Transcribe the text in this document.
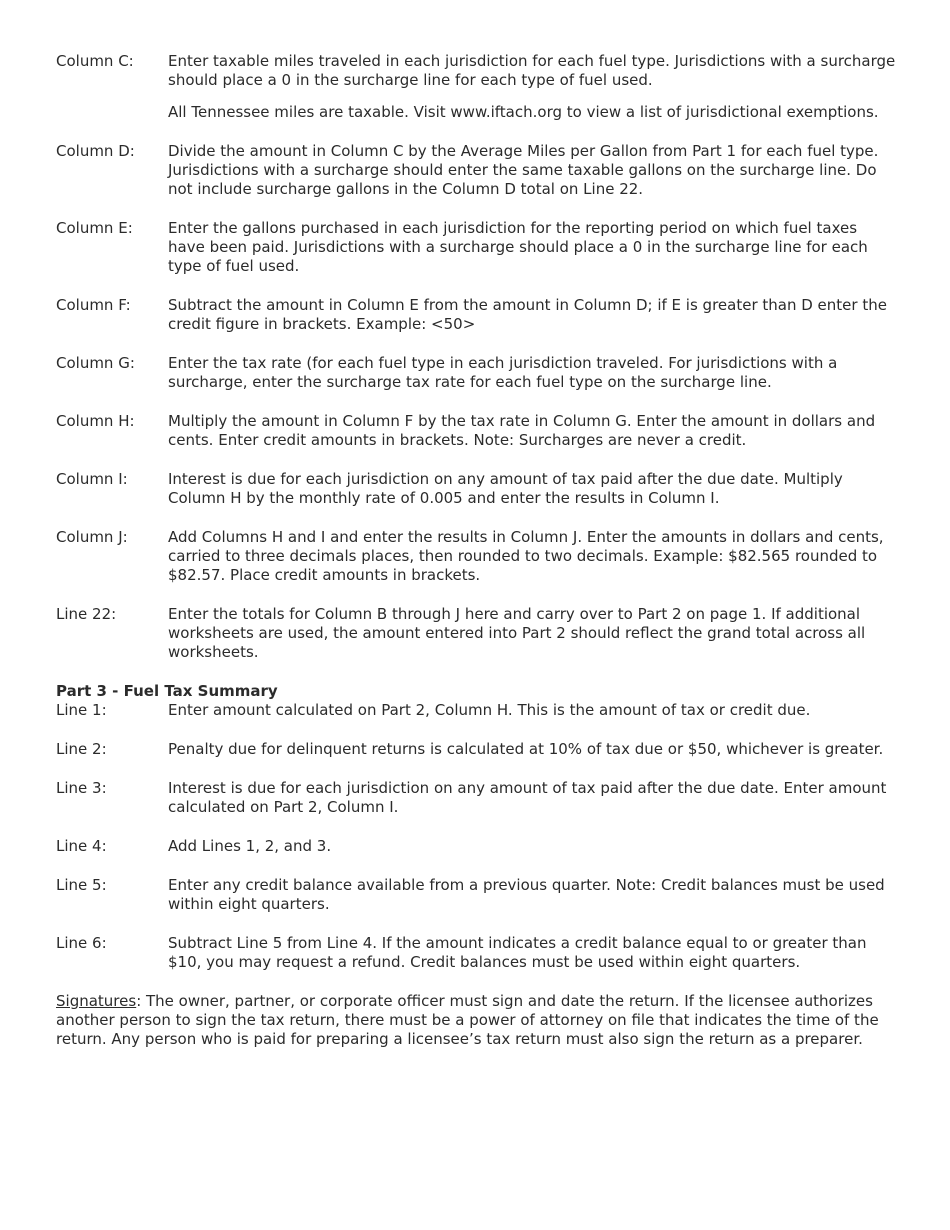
Column C:	Enter taxable miles traveled in each jurisdiction for each fuel type. Jurisdictions with a surcharge should place a 0 in the surcharge line for each type of fuel used.

All Tennessee miles are taxable. Visit www.iftach.org to view a list of jurisdictional exemptions.

Column D:	Divide the amount in Column C by the Average Miles per Gallon from Part 1 for each fuel type. Jurisdictions with a surcharge should enter the same taxable gallons on the surcharge line. Do not include surcharge gallons in the Column D total on Line 22.

Column E:	Enter the gallons purchased in each jurisdiction for the reporting period on which fuel taxes have been paid. Jurisdictions with a surcharge should place a 0 in the surcharge line for each type of fuel used.

Column F:	Subtract the amount in Column E from the amount in Column D; if E is greater than D enter the credit figure in brackets. Example: <50>

Column G:	Enter the tax rate (for each fuel type in each jurisdiction traveled. For jurisdictions with a surcharge, enter the surcharge tax rate for each fuel type on the surcharge line.

Column H:	Multiply the amount in Column F by the tax rate in Column G. Enter the amount in dollars and cents. Enter credit amounts in brackets. Note: Surcharges are never a credit.

Column I:	Interest is due for each jurisdiction on any amount of tax paid after the due date. Multiply Column H by the monthly rate of 0.005 and enter the results in Column I.

Column J:	Add Columns H and I and enter the results in Column J. Enter the amounts in dollars and cents, carried to three decimals places, then rounded to two decimals. Example: $82.565 rounded to $82.57. Place credit amounts in brackets.

Line 22:	Enter the totals for Column B through J here and carry over to Part 2 on page 1. If additional worksheets are used, the amount entered into Part 2 should reflect the grand total across all worksheets.

Part 3 - Fuel Tax Summary

Line 1:	Enter amount calculated on Part 2, Column H. This is the amount of tax or credit due.
Line 2:	Penalty due for delinquent returns is calculated at 10% of tax due or $50, whichever is greater.
Line 3:	Interest is due for each jurisdiction on any amount of tax paid after the due date. Enter amount calculated on Part 2, Column I.
Line 4:	Add Lines 1, 2, and 3.
Line 5:	Enter any credit balance available from a previous quarter. Note: Credit balances must be used within eight quarters.
Line 6:	Subtract Line 5 from Line 4. If the amount indicates a credit balance equal to or greater than $10, you may request a refund. Credit balances must be used within eight quarters.

Signatures: The owner, partner, or corporate officer must sign and date the return. If the licensee authorizes another person to sign the tax return, there must be a power of attorney on file that indicates the time of the return. Any person who is paid for preparing a licensee’s tax return must also sign the return as a preparer.
